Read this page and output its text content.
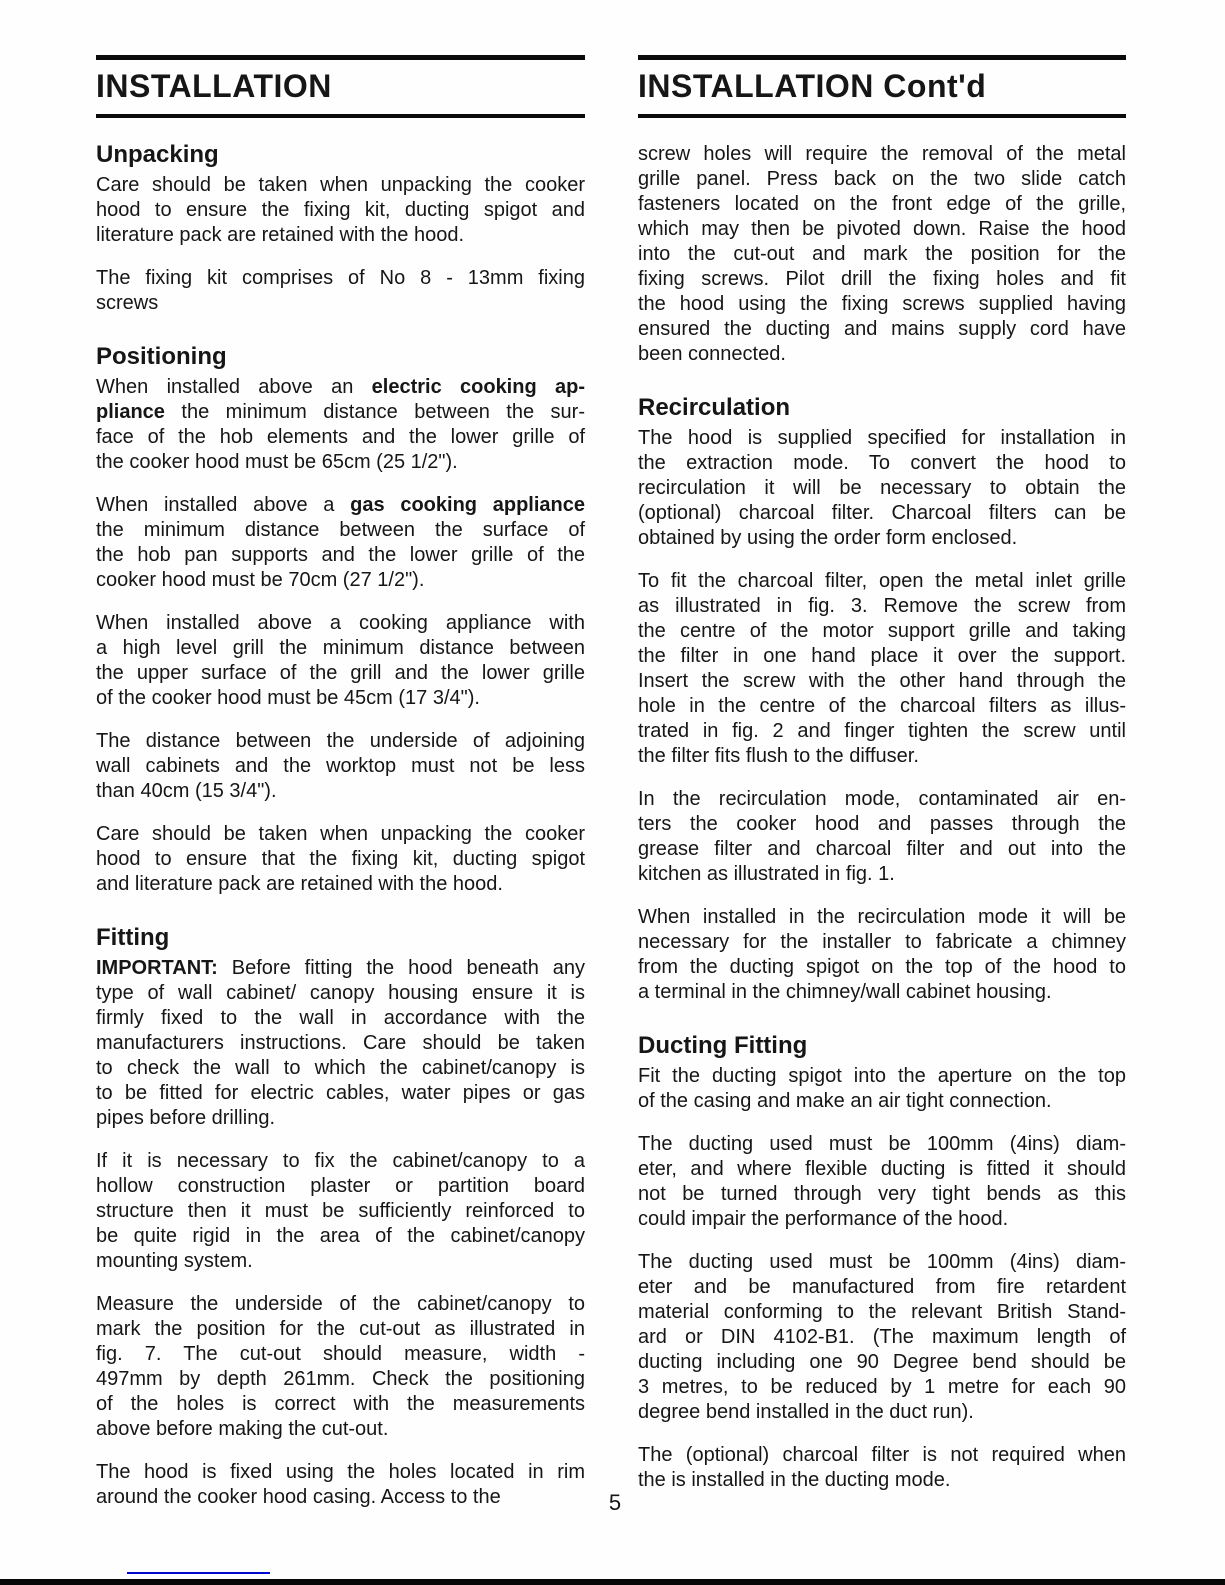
INSTALLATION
Unpacking
Care should be taken when unpacking the cooker
hood to ensure the fixing kit, ducting spigot and
literature pack are retained with the hood.
The fixing kit comprises of No 8 - 13mm fixing
screws
Positioning
When installed above an electric cooking ap-
pliance the minimum distance between the sur-
face of the hob elements and the lower grille of
the cooker hood must be 65cm (25 1/2").
When installed above a gas cooking appliance
the minimum distance between the surface of
the hob pan supports and the lower grille of the
cooker hood must be 70cm (27 1/2").
When installed above a cooking appliance with
a high level grill the minimum distance between
the upper surface of the grill and the lower grille
of the cooker hood must be 45cm (17 3/4").
The distance between the underside of adjoining
wall cabinets and the worktop must not be less
than 40cm (15 3/4").
Care should be taken when unpacking the cooker
hood to ensure that the fixing kit, ducting spigot
and literature pack are retained with the hood.
Fitting
IMPORTANT: Before fitting the hood beneath any
type of wall cabinet/ canopy housing ensure it is
firmly fixed to the wall in accordance with the
manufacturers instructions. Care should be taken
to check the wall to which the cabinet/canopy is
to be fitted for electric cables, water pipes or gas
pipes before drilling.
If it is necessary to fix the cabinet/canopy to a
hollow construction plaster or partition board
structure then it must be sufficiently reinforced to
be quite rigid in the area of the cabinet/canopy
mounting system.
Measure the underside of the cabinet/canopy to
mark the position for the cut-out as illustrated in
fig. 7. The cut-out should measure, width -
497mm by depth 261mm. Check the positioning
of the holes is correct with the measurements
above before making the cut-out.
The hood is fixed using the holes located in rim
around the cooker hood casing. Access to the
INSTALLATION Cont'd
screw holes will require the removal of the metal
grille panel. Press back on the two slide catch
fasteners located on the front edge of the grille,
which may then be pivoted down. Raise the hood
into the cut-out and mark the position for the
fixing screws. Pilot drill the fixing holes and fit
the hood using the fixing screws supplied having
ensured the ducting and mains supply cord have
been connected.
Recirculation
The hood is supplied specified for installation in
the extraction mode. To convert the hood to
recirculation it will be necessary to obtain the
(optional) charcoal filter. Charcoal filters can be
obtained by using the order form enclosed.
To fit the charcoal filter, open the metal inlet grille
as illustrated in fig. 3. Remove the screw from
the centre of the motor support grille and taking
the filter in one hand place it over the support.
Insert the screw with the other hand through the
hole in the centre of the charcoal filters as illus-
trated in fig. 2 and finger tighten the screw until
the filter fits flush to the diffuser.
In the recirculation mode, contaminated air en-
ters the cooker hood and passes through the
grease filter and charcoal filter and out into the
kitchen as illustrated in fig. 1.
When installed in the recirculation mode it will be
necessary for the installer to fabricate a chimney
from the ducting spigot on the top of the hood to
a terminal in the chimney/wall cabinet housing.
Ducting Fitting
Fit the ducting spigot into the aperture on the top
of the casing and make an air tight connection.
The ducting used must be 100mm (4ins) diam-
eter, and where flexible ducting is fitted it should
not be turned through very tight bends as this
could impair the performance of the hood.
The ducting used must be 100mm (4ins) diam-
eter and be manufactured from fire retardent
material conforming to the relevant British Stand-
ard or DIN 4102-B1. (The maximum length of
ducting including one 90 Degree bend should be
3 metres, to be reduced by 1 metre for each 90
degree bend installed in the duct run).
The (optional) charcoal filter is not required when
the is installed in the ducting mode.
5
